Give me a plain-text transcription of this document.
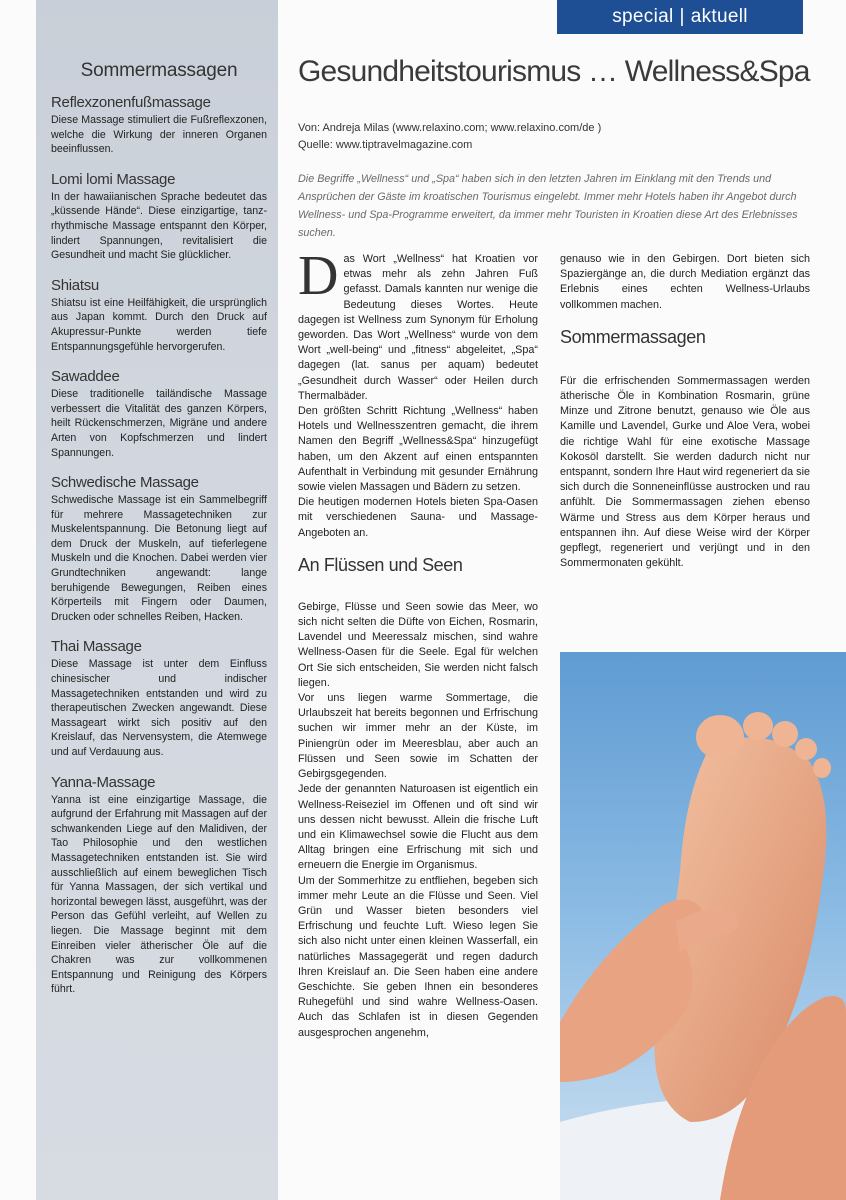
Sommermassagen
Reflexzonenfußmassage

Diese Massage stimuliert die Fußreflexzonen, welche die Wirkung der inneren Organen beeinflussen.

Lomi lomi Massage

In der hawaiianischen Sprache bedeutet das „küssende Hände“. Diese einzigartige, tanz-rhythmische Massage entspannt den Körper, lindert Spannungen, revitalisiert die Gesundheit und macht Sie glücklicher.

Shiatsu

Shiatsu ist eine Heilfähigkeit, die ursprünglich aus Japan kommt. Durch den Druck auf Akupressur-Punkte werden tiefe Entspannungsgefühle hervorgerufen.

Sawaddee

Diese traditionelle tailändische Massage verbessert die Vitalität des ganzen Körpers, heilt Rückenschmerzen, Migräne und andere Arten von Kopfschmerzen und lindert Spannungen.

Schwedische Massage

Schwedische Massage ist ein Sammelbegriff für mehrere Massagetechniken zur Muskelentspannung. Die Betonung liegt auf dem Druck der Muskeln, auf tieferlegene Muskeln und die Knochen. Dabei werden vier Grundtechniken angewandt: lange beruhigende Bewegungen, Reiben eines Körperteils mit Fingern oder Daumen, Drucken oder schnelles Reiben, Hacken.

Thai Massage

Diese Massage ist unter dem Einfluss chinesischer und indischer Massagetechniken entstanden und wird zu therapeutischen Zwecken angewandt. Diese Massageart wirkt sich positiv auf den Kreislauf, das Nervensystem, die Atemwege und auf Verdauung aus.

Yanna-Massage

Yanna ist eine einzigartige Massage, die aufgrund der Erfahrung mit Massagen auf der schwankenden Liege auf den Malidiven, der Tao Philosophie und den westlichen Massagetechniken entstanden ist. Sie wird ausschließlich auf einem beweglichen Tisch für Yanna Massagen, der sich vertikal und horizontal bewegen lässt, ausgeführt, was der Person das Gefühl verleiht, auf Wellen zu liegen. Die Massage beginnt mit dem Einreiben vieler ätherischer Öle auf die Chakren was zur vollkommenen Entspannung und Reinigung des Körpers führt.

special | aktuell
Gesundheitstourismus … Wellness&Spa
Von: Andreja Milas (www.relaxino.com; www.relaxino.com/de )
Quelle: www.tiptravelmagazine.com

Die Begriffe „Wellness“ und „Spa“ haben sich in den letzten Jahren im Einklang mit den Trends und Ansprüchen der Gäste im kroatischen Tourismus eingelebt. Immer mehr Hotels haben ihr Angebot durch Wellness- und Spa-Programme erweitert, da immer mehr Touristen in Kroatien diese Art des Erlebnisses suchen.

Das Wort „Wellness“ hat Kroatien vor etwas mehr als zehn Jahren Fuß gefasst. Damals kannten nur wenige die Bedeutung dieses Wortes. Heute dagegen ist Wellness zum Synonym für Erholung geworden. Das Wort „Wellness“ wurde von dem Wort „well-being“ und „fitness“ abgeleitet, „Spa“ dagegen (lat. sanus per aquam) bedeutet „Gesundheit durch Wasser“ oder Heilen durch Thermalbäder.

Den größten Schritt Richtung „Wellness“ haben Hotels und Wellnesszentren gemacht, die ihrem Namen den Begriff „Wellness&Spa“ hinzugefügt haben, um den Akzent auf einen entspannten Aufenthalt in Verbindung mit gesunder Ernährung sowie vielen Massagen und Bädern zu setzen.

Die heutigen modernen Hotels bieten Spa-Oasen mit verschiedenen Sauna- und Massage- Angeboten an.

An Flüssen und Seen

Gebirge, Flüsse und Seen sowie das Meer, wo sich nicht selten die Düfte von Eichen, Rosmarin, Lavendel und Meeressalz mischen, sind wahre Wellness-Oasen für die Seele. Egal für welchen Ort Sie sich entscheiden, Sie werden nicht falsch liegen.

Vor uns liegen warme Sommertage, die Urlaubszeit hat bereits begonnen und Erfrischung suchen wir immer mehr an der Küste, im Piniengrün oder im Meeresblau, aber auch an Flüssen und Seen sowie im Schatten der Gebirgsgegenden.

Jede der genannten Naturoasen ist eigentlich ein Wellness-Reiseziel im Offenen und oft sind wir uns dessen nicht bewusst. Allein die frische Luft und ein Klimawechsel sowie die Flucht aus dem Alltag bringen eine Erfrischung mit sich und erneuern die Energie im Organismus.

Um der Sommerhitze zu entfliehen, begeben sich immer mehr Leute an die Flüsse und Seen. Viel Grün und Wasser bieten besonders viel Erfrischung und feuchte Luft. Wieso legen Sie sich also nicht unter einen kleinen Wasserfall, ein natürliches Massagegerät und regen dadurch Ihren Kreislauf an. Die Seen haben eine andere Geschichte. Sie geben Ihnen ein besonderes Ruhegefühl und sind wahre Wellness-Oasen. Auch das Schlafen ist in diesen Gegenden ausgesprochen angenehm,

genauso wie in den Gebirgen. Dort bieten sich Spaziergänge an, die durch Mediation ergänzt das Erlebnis eines echten Wellness-Urlaubs vollkommen machen.

Sommermassagen

Für die erfrischenden Sommermassagen werden ätherische Öle in Kombination Rosmarin, grüne Minze und Zitrone benutzt, genauso wie Öle aus Kamille und Lavendel, Gurke und Aloe Vera, wobei die richtige Wahl für eine exotische Massage Kokosöl darstellt. Sie werden dadurch nicht nur entspannt, sondern Ihre Haut wird regeneriert da sie sich durch die Sonneneinflüsse austrocken und rau anfühlt. Die Sommermassagen ziehen ebenso Wärme und Stress aus dem Körper heraus und entspannen ihn. Auf diese Weise wird der Körper gepflegt, regeneriert und verjüngt und in den Sommermonaten gekühlt.
